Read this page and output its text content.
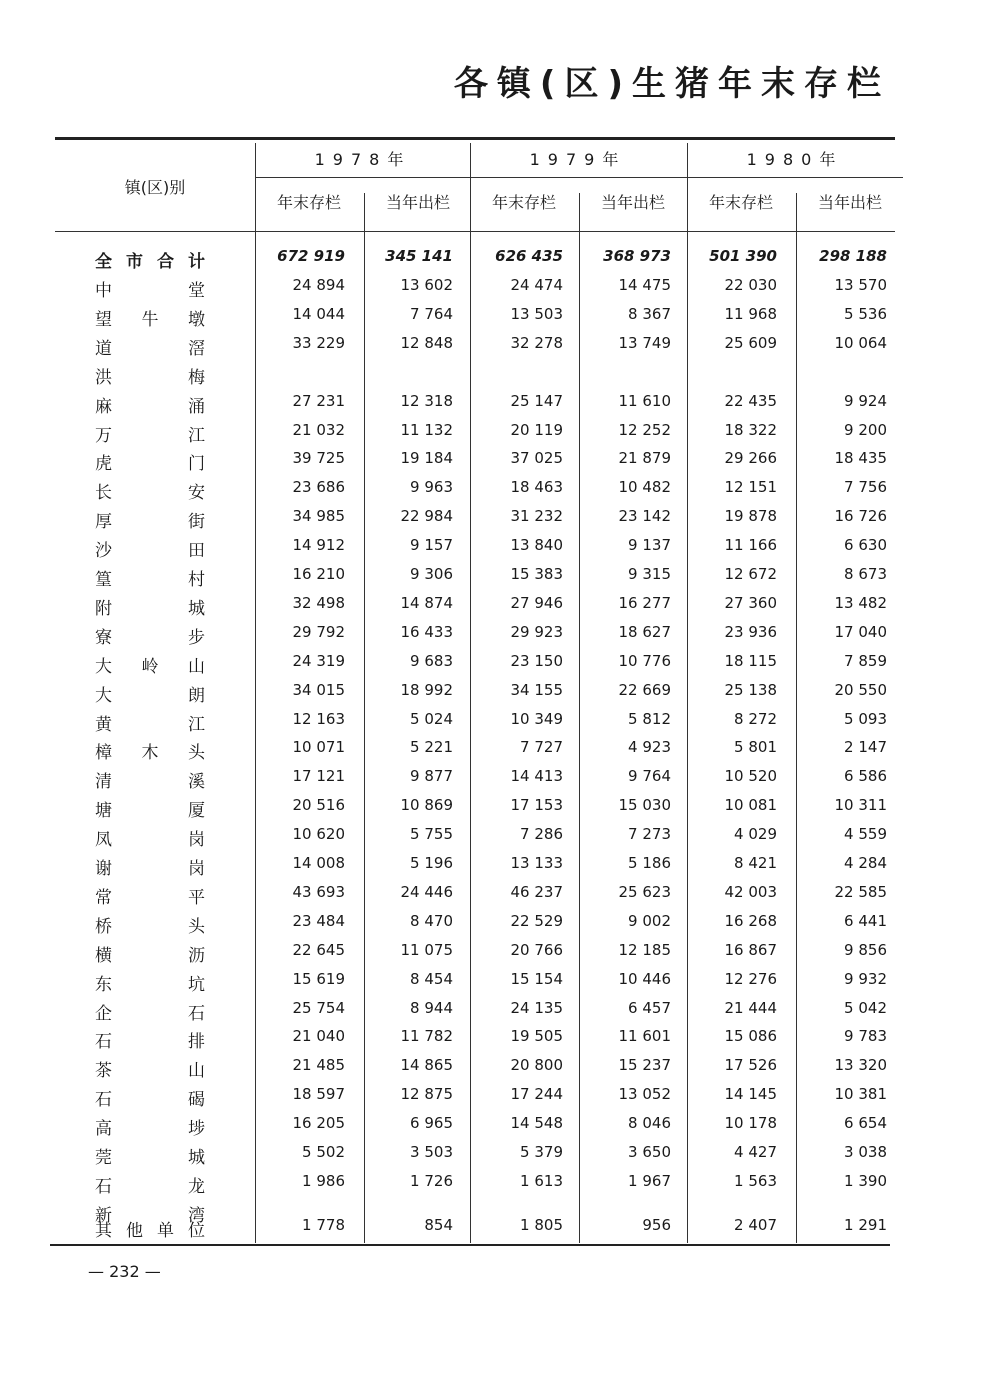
各镇(区)生猪年末存栏
镇(区)别
1978年
年末存栏	当年出栏
1979年
年末存栏	当年出栏
1980年
年末存栏	当年出栏
全 市 合 计	672 919	345 141	626 435	368 973	501 390	298 188
中	堂	24 894	13 602	24 474	14 475	22 030	13 570
望 牛 墩	14 044	7 764	13 503	8 367	11 968	5 536
道	滘	33 229	12 848	32 278	13 749	25 609	10 064
洪	梅
麻	涌	27 231	12 318	25 147	11 610	22 435	9 924
万	江	21 032	11 132	20 119	12 252	18 322	9 200
虎	门	39 725	19 184	37 025	21 879	29 266	18 435
长	安	23 686	9 963	18 463	10 482	12 151	7 756
厚	街	34 985	22 984	31 232	23 142	19 878	16 726
沙	田	14 912	9 157	13 840	9 137	11 166	6 630
篁	村	16 210	9 306	15 383	9 315	12 672	8 673
附	城	32 498	14 874	27 946	16 277	27 360	13 482
寮	步	29 792	16 433	29 923	18 627	23 936	17 040
大 岭 山	24 319	9 683	23 150	10 776	18 115	7 859
大	朗	34 015	18 992	34 155	22 669	25 138	20 550
黄	江	12 163	5 024	10 349	5 812	8 272	5 093
樟 木 头	10 071	5 221	7 727	4 923	5 801	2 147
清	溪	17 121	9 877	14 413	9 764	10 520	6 586
塘	厦	20 516	10 869	17 153	15 030	10 081	10 311
凤	岗	10 620	5 755	7 286	7 273	4 029	4 559
谢	岗	14 008	5 196	13 133	5 186	8 421	4 284
常	平	43 693	24 446	46 237	25 623	42 003	22 585
桥	头	23 484	8 470	22 529	9 002	16 268	6 441
横	沥	22 645	11 075	20 766	12 185	16 867	9 856
东	坑	15 619	8 454	15 154	10 446	12 276	9 932
企	石	25 754	8 944	24 135	6 457	21 444	5 042
石	排	21 040	11 782	19 505	11 601	15 086	9 783
茶	山	21 485	14 865	20 800	15 237	17 526	13 320
石	碣	18 597	12 875	17 244	13 052	14 145	10 381
高	埗	16 205	6 965	14 548	8 046	10 178	6 654
莞	城	5 502	3 503	5 379	3 650	4 427	3 038
石	龙	1 986	1 726	1 613	1 967	1 563	1 390
新	湾
其 他 单 位	1 778	854	1 805	956	2 407	1 291
— 232 —
